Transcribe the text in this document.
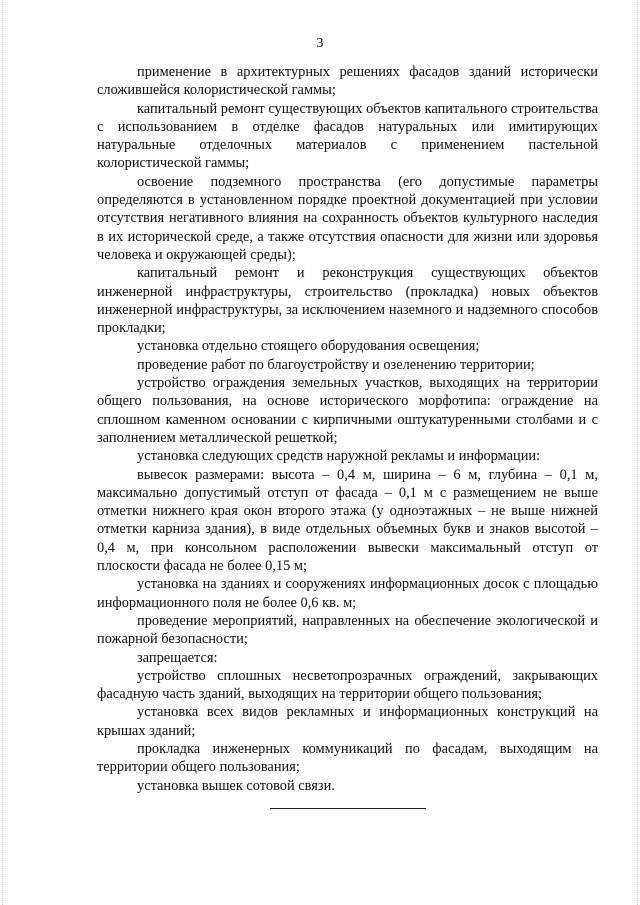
3

применение в архитектурных решениях фасадов зданий исторически сложившейся колористической гаммы;

капитальный ремонт существующих объектов капитального строительства с использованием в отделке фасадов натуральных или имитирующих натуральные отделочных материалов с применением пастельной колористической гаммы;

освоение подземного пространства (его допустимые параметры определяются в установленном порядке проектной документацией при условии отсутствия негативного влияния на сохранность объектов культурного наследия в их исторической среде, а также отсутствия опасности для жизни или здоровья человека и окружающей среды);

капитальный ремонт и реконструкция существующих объектов инженерной инфраструктуры, строительство (прокладка) новых объектов инженерной инфраструктуры, за исключением наземного и надземного способов прокладки;

установка отдельно стоящего оборудования освещения;

проведение работ по благоустройству и озеленению территории;

устройство ограждения земельных участков, выходящих на территории общего пользования, на основе исторического морфотипа: ограждение на сплошном каменном основании с кирпичными оштукатуренными столбами и с заполнением металлической решеткой;

установка следующих средств наружной рекламы и информации:

вывесок размерами: высота – 0,4 м, ширина – 6 м, глубина – 0,1 м, максимально допустимый отступ от фасада – 0,1 м с размещением не выше отметки нижнего края окон второго этажа (у одноэтажных – не выше нижней отметки карниза здания), в виде отдельных объемных букв и знаков высотой – 0,4 м, при консольном расположении вывески максимальный отступ от плоскости фасада не более 0,15 м;

установка на зданиях и сооружениях информационных досок с площадью информационного поля не более 0,6 кв. м;

проведение мероприятий, направленных на обеспечение экологической и пожарной безопасности;

запрещается:

устройство сплошных несветопрозрачных ограждений, закрывающих фасадную часть зданий, выходящих на территории общего пользования;

установка всех видов рекламных и информационных конструкций на крышах зданий;

прокладка инженерных коммуникаций по фасадам, выходящим на территории общего пользования;

установка вышек сотовой связи.
